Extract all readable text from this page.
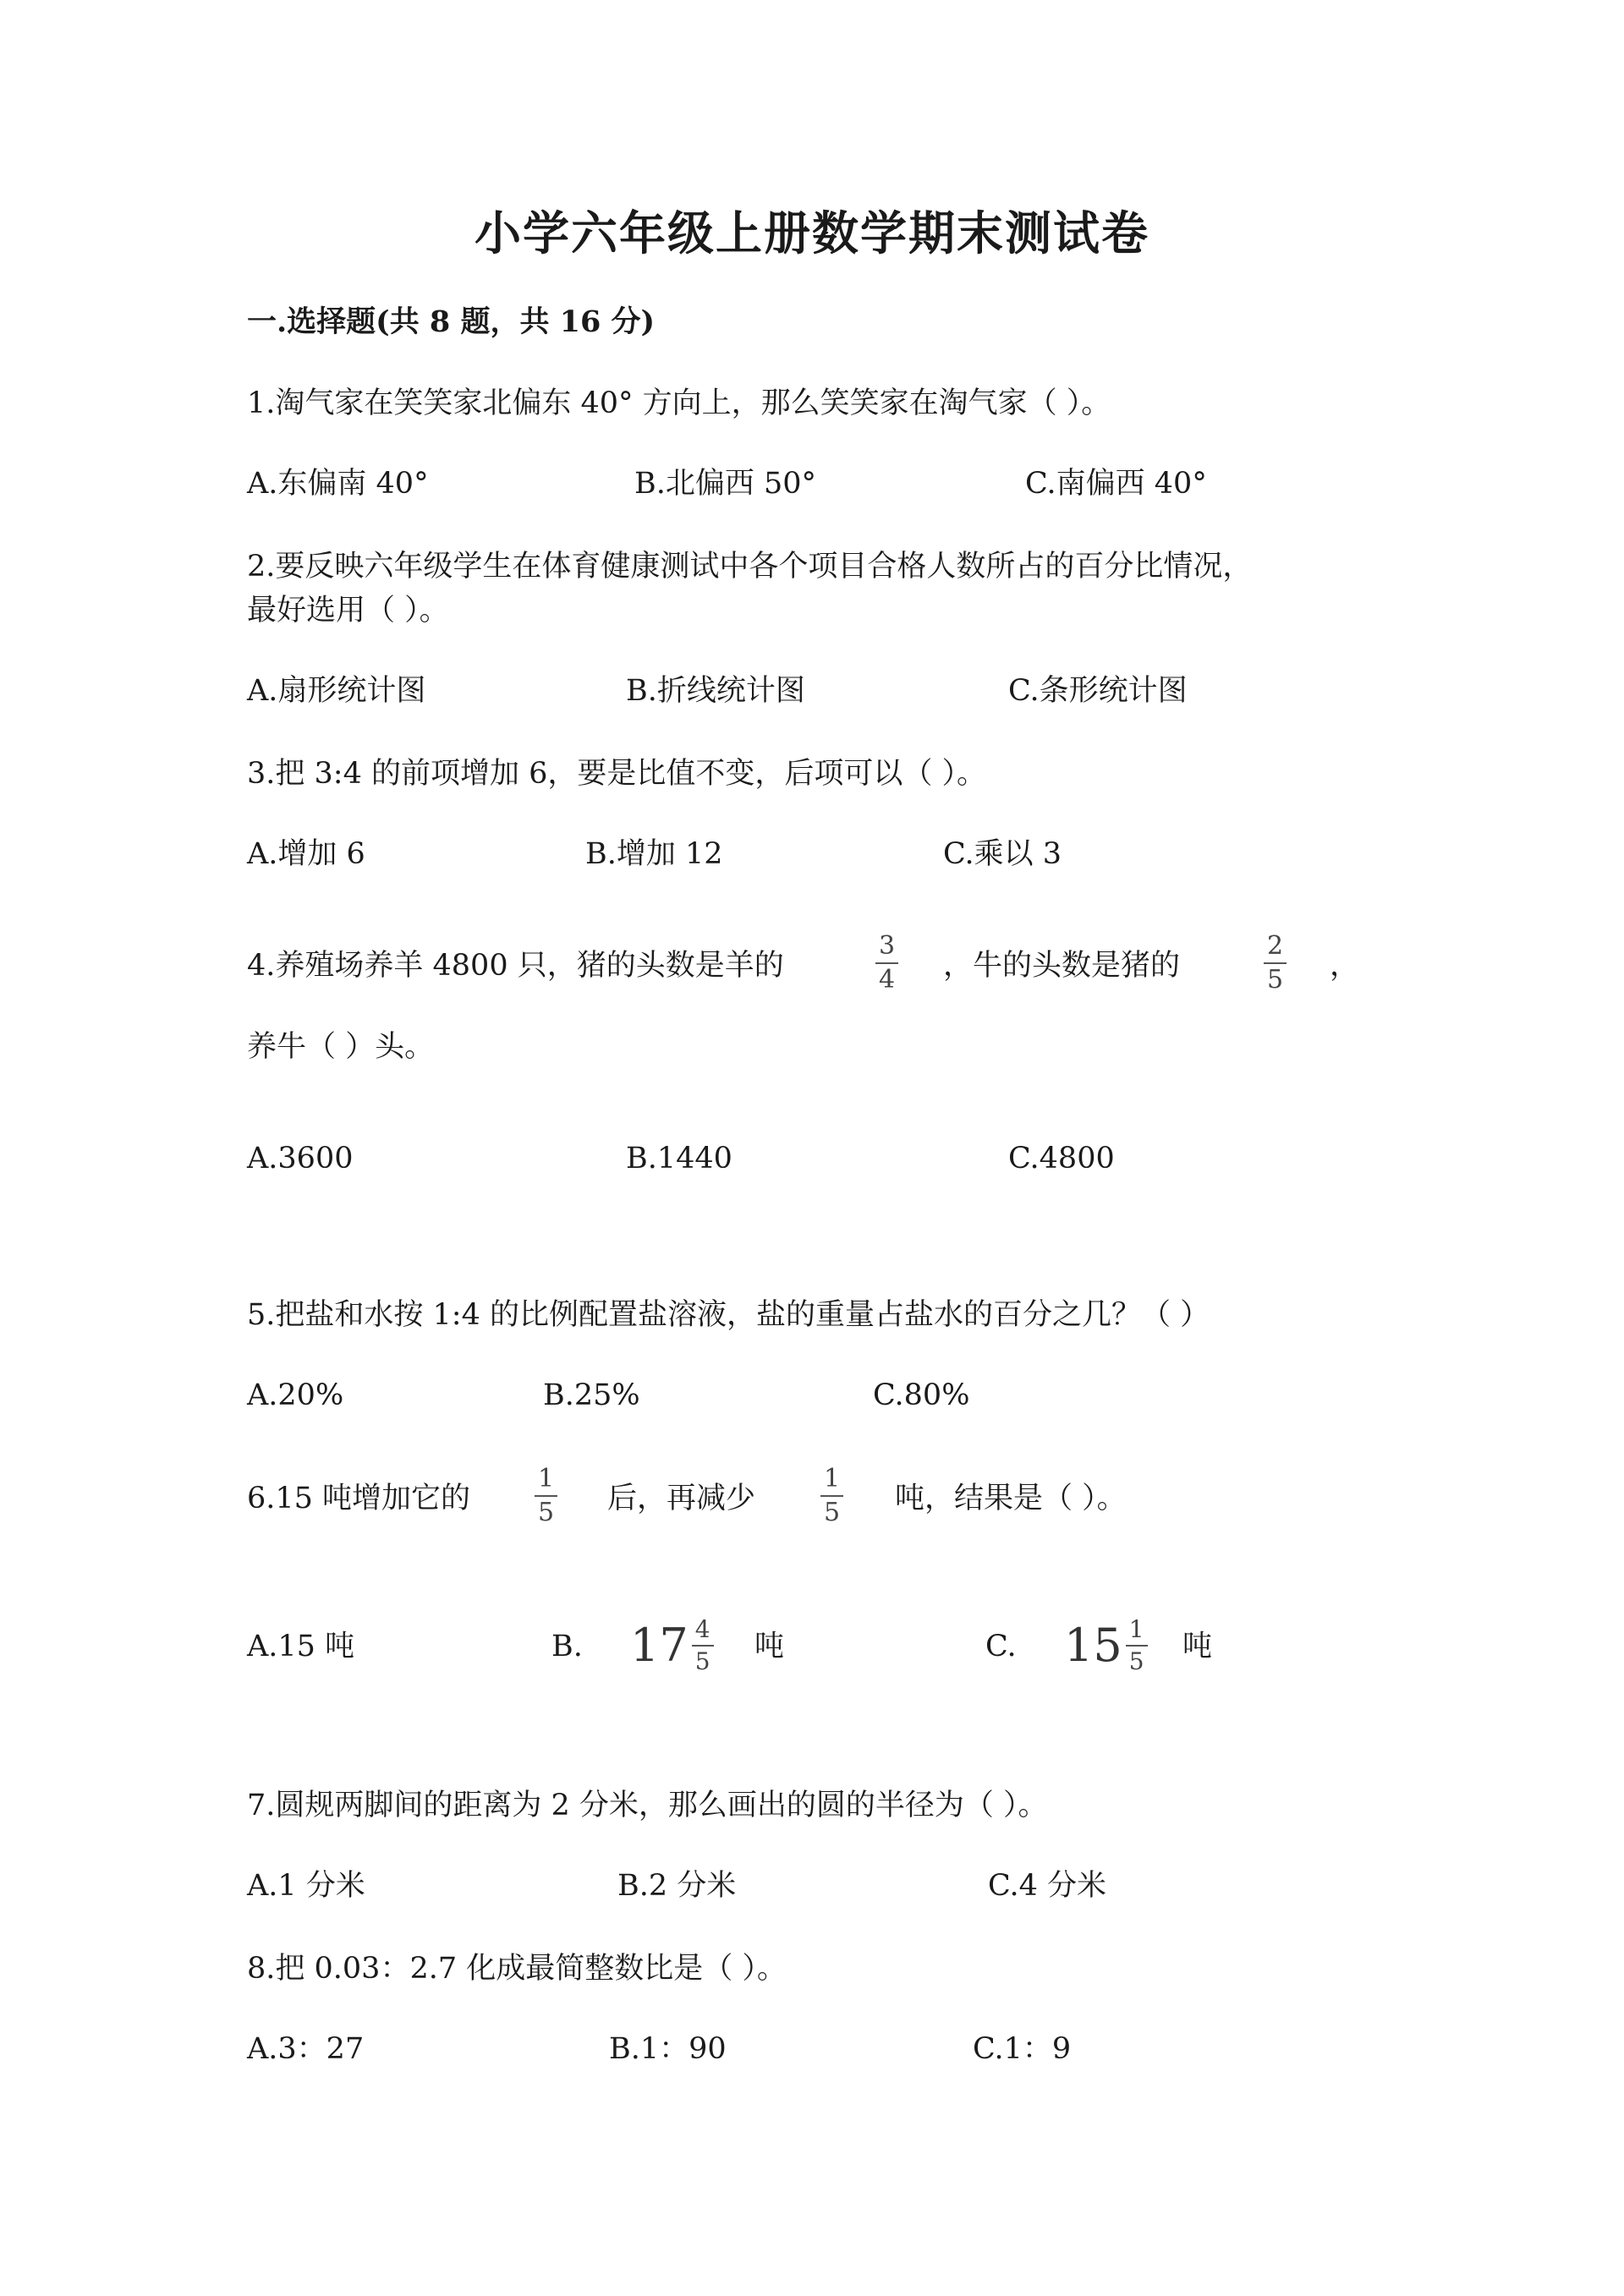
小学六年级上册数学期末测试卷
一.选择题(共 8 题，共 16 分)
1.淘气家在笑笑家北偏东 40° 方向上，那么笑笑家在淘气家（ ）。
A.东偏南 40°	B.北偏西 50°	C.南偏西 40°
2.要反映六年级学生在体育健康测试中各个项目合格人数所占的百分比情况，
最好选用（ ）。
A.扇形统计图	B.折线统计图	C.条形统计图
3.把 3:4 的前项增加 6，要是比值不变，后项可以（ ）。
A.增加 6	B.增加 12	C.乘以 3
4.养殖场养羊 4800 只，猪的头数是羊的	$\frac{3}{4}$ ，牛的头数是猪的	$\frac{2}{5}$ ，
养牛（ ）头。
A.3600	B.1440	C.4800
5.把盐和水按 1:4 的比例配置盐溶液，盐的重量占盐水的百分之几？（ ）
A.20%	B.25%	C.80%
6.15 吨增加它的	$\frac{1}{5}$ 后，再减少	$\frac{1}{5}$ 吨，结果是（ ）。
A.15 吨	B. $17 \frac{4}{5}$ 吨	C. $15 \frac{1}{5}$ 吨
7.圆规两脚间的距离为 2 分米，那么画出的圆的半径为（ ）。
A.1 分米	B.2 分米	C.4 分米
8.把 0.03：2.7 化成最简整数比是（ ）。
A.3：27	B.1：90	C.1：9
